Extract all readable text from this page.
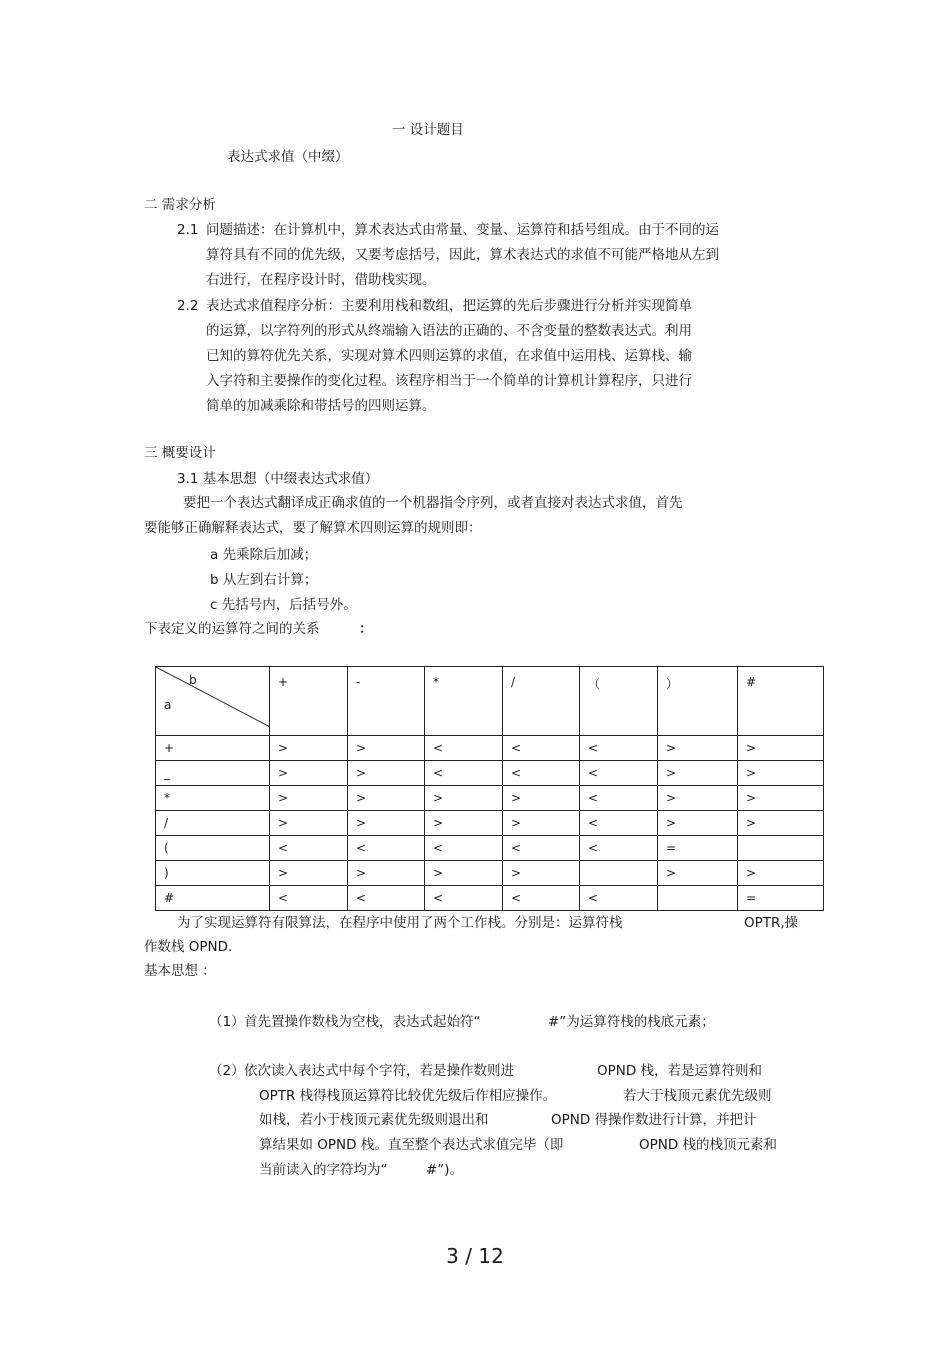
一 设计题目
表达式求值（中缀）
二 需求分析
2.1 问题描述：在计算机中，算术表达式由常量、变量、运算符和括号组成。由于不同的运

算符具有不同的优先级，又要考虑括号，因此，算术表达式的求值不可能严格地从左到

右进行，在程序设计时，借助栈实现。

2.2 表达式求值程序分析：主要利用栈和数组，把运算的先后步骤进行分析并实现简单

的运算，以字符列的形式从终端输入语法的正确的、不含变量的整数表达式。利用

已知的算符优先关系，实现对算术四则运算的求值，在求值中运用栈、运算栈、输

入字符和主要操作的变化过程。该程序相当于一个简单的计算机计算程序，只进行

简单的加减乘除和带括号的四则运算。

三 概要设计
3.1 基本思想（中缀表达式求值）
要把一个表达式翻译成正确求值的一个机器指令序列，或者直接对表达式求值，首先
要能够正确解释表达式，要了解算术四则运算的规则即：
a 先乘除后加减；
b 从左到右计算；
c 先括号内，后括号外。
下表定义的运算符之间的关系	：
b
a	+	-	*	/	（	）	#
+	>	>	<	<	<	>	>
_	>	>	<	<	<	>	>
*	>	>	>	>	<	>	>
/	>	>	>	>	<	>	>
(	<	<	<	<	<	=	
)	>	>	>	>		>	>
#	<	<	<	<	<		=
为了实现运算符有限算法，在程序中使用了两个工作栈。分别是：运算符栈	OPTR,操
作数栈 OPND.
基本思想 ：
（1） 首先置操作数栈为空栈，表达式起始符“	#”为运算符栈的栈底元素；
（2） 依次读入表达式中每个字符，若是操作数则进	OPND 栈，若是运算符则和
OPTR 栈得栈顶运算符比较优先级后作相应操作。	若大于栈顶元素优先级则
如栈，若小于栈顶元素优先级则退出和	OPND 得操作数进行计算，并把计
算结果如 OPND 栈。直至整个表达式求值完毕（即	OPND 栈的栈顶元素和
当前读入的字符均为“	#”)。
3 / 12
